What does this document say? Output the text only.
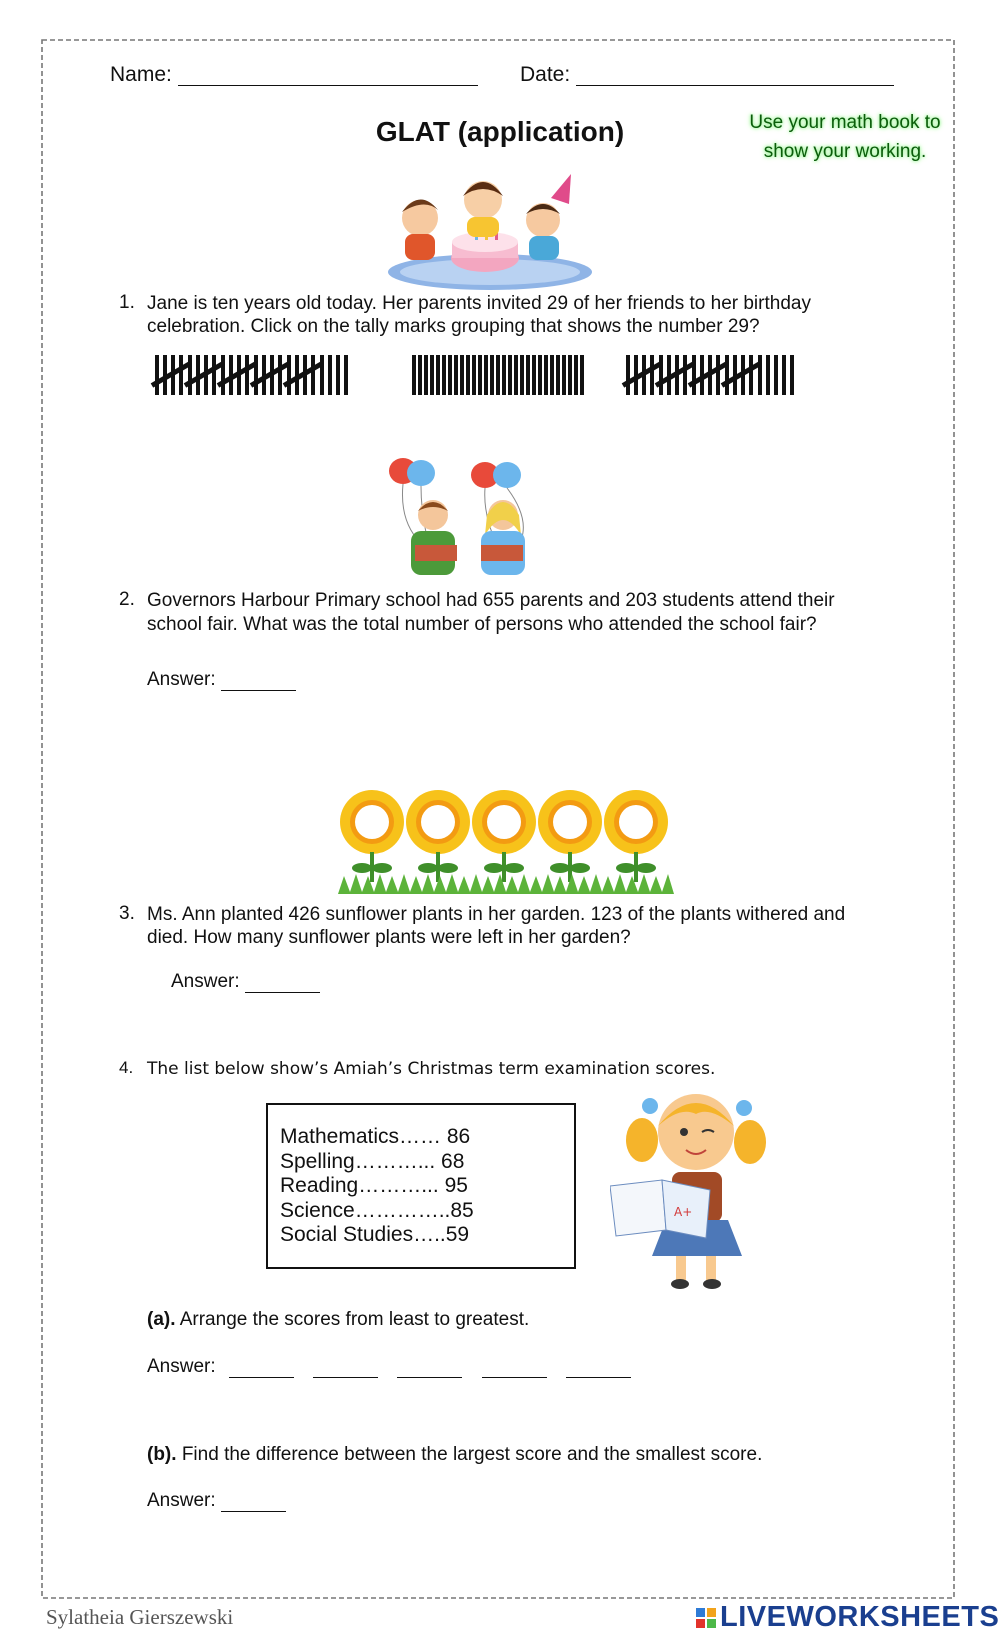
Name:	Date:
GLAT (application)	Use your math book to
show your working.
1. Jane is ten years old today. Her parents invited 29 of her friends to her birthday
celebration. Click on the tally marks grouping that shows the number 29?
2. Governors Harbour Primary school had 655 parents and 203 students attend their
school fair. What was the total number of persons who attended the school fair?
Answer:
3. Ms. Ann planted 426 sunflower plants in her garden. 123 of the plants withered and
died. How many sunflower plants were left in her garden?
Answer:
4. The list below show’s Amiah’s Christmas term examination scores.
Mathematics…… 86
Spelling………... 68
Reading………... 95
Science…………..85
Social Studies…..59
A+
(a). Arrange the scores from least to greatest.
Answer:
(b). Find the difference between the largest score and the smallest score.
Answer:
Sylatheia Gierszewski	LIVEWORKSHEETS
